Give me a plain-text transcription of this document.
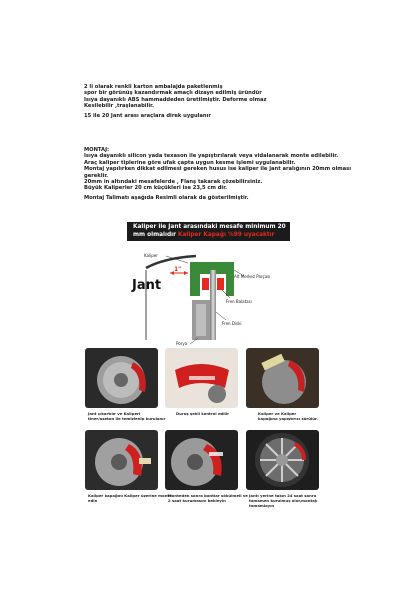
2 li olarak renkli karton ambalajda paketlenmiş
spor bir görünüş kazandırmak amaçlı dizayn edilmiş üründür
Isıya dayanıklı ABS hammaddeden üretilmiştir. Deforme olmaz
Kesilebilir ,traşlanabilir.
15 ile 20 Jant arası araçlara direk uygulanır
MONTAJ:
Isıya dayanıklı silicon yada texason ile yapıştırılarak veya vidalanarak monte edilebilir.
Araç kaliper tiplerine göre ufak çapta uygun kesme işlemi uygulanabilir.
Montaj yapılırken dikkat edilmesi gereken husus ise kaliper ile jant aralığının 20mm olması
gereklir.
20mm in altındaki mesafelerde , Flanş takarak çözebilirsiniz.
Büyük Kaliperler 20 cm küçükleri ise 23,5 cm dir.
Montaj Talimatı aşağıda Resimli olarak da gösterilmiştir.
Kaliper ile Jant arasındaki mesafe minimum 20
mm olmalıdır Kaliper Kapağı %99 uyacaktır
Kaliper
Alt Merkez Parçası
1"
Jant
Fren Balatası
Fren Diski
Porya
Jant çıkartılır ve Kaliperi
tiner/aseton ile temizlenip kurulanır
Duruş şekli kontrol edilir	Kaliper ve Kaliper
kapağına yapıştırıcı sürülür.
Kaliper kapağını Kaliper üzerine monte
edin
Monteden sonra bantlar sökülmeli ve
2 saat kurumasını bekleyin
Jantı yerine takın 24 saat sonra
tamamen kurulmuş olur,montajı
tamamlayın
